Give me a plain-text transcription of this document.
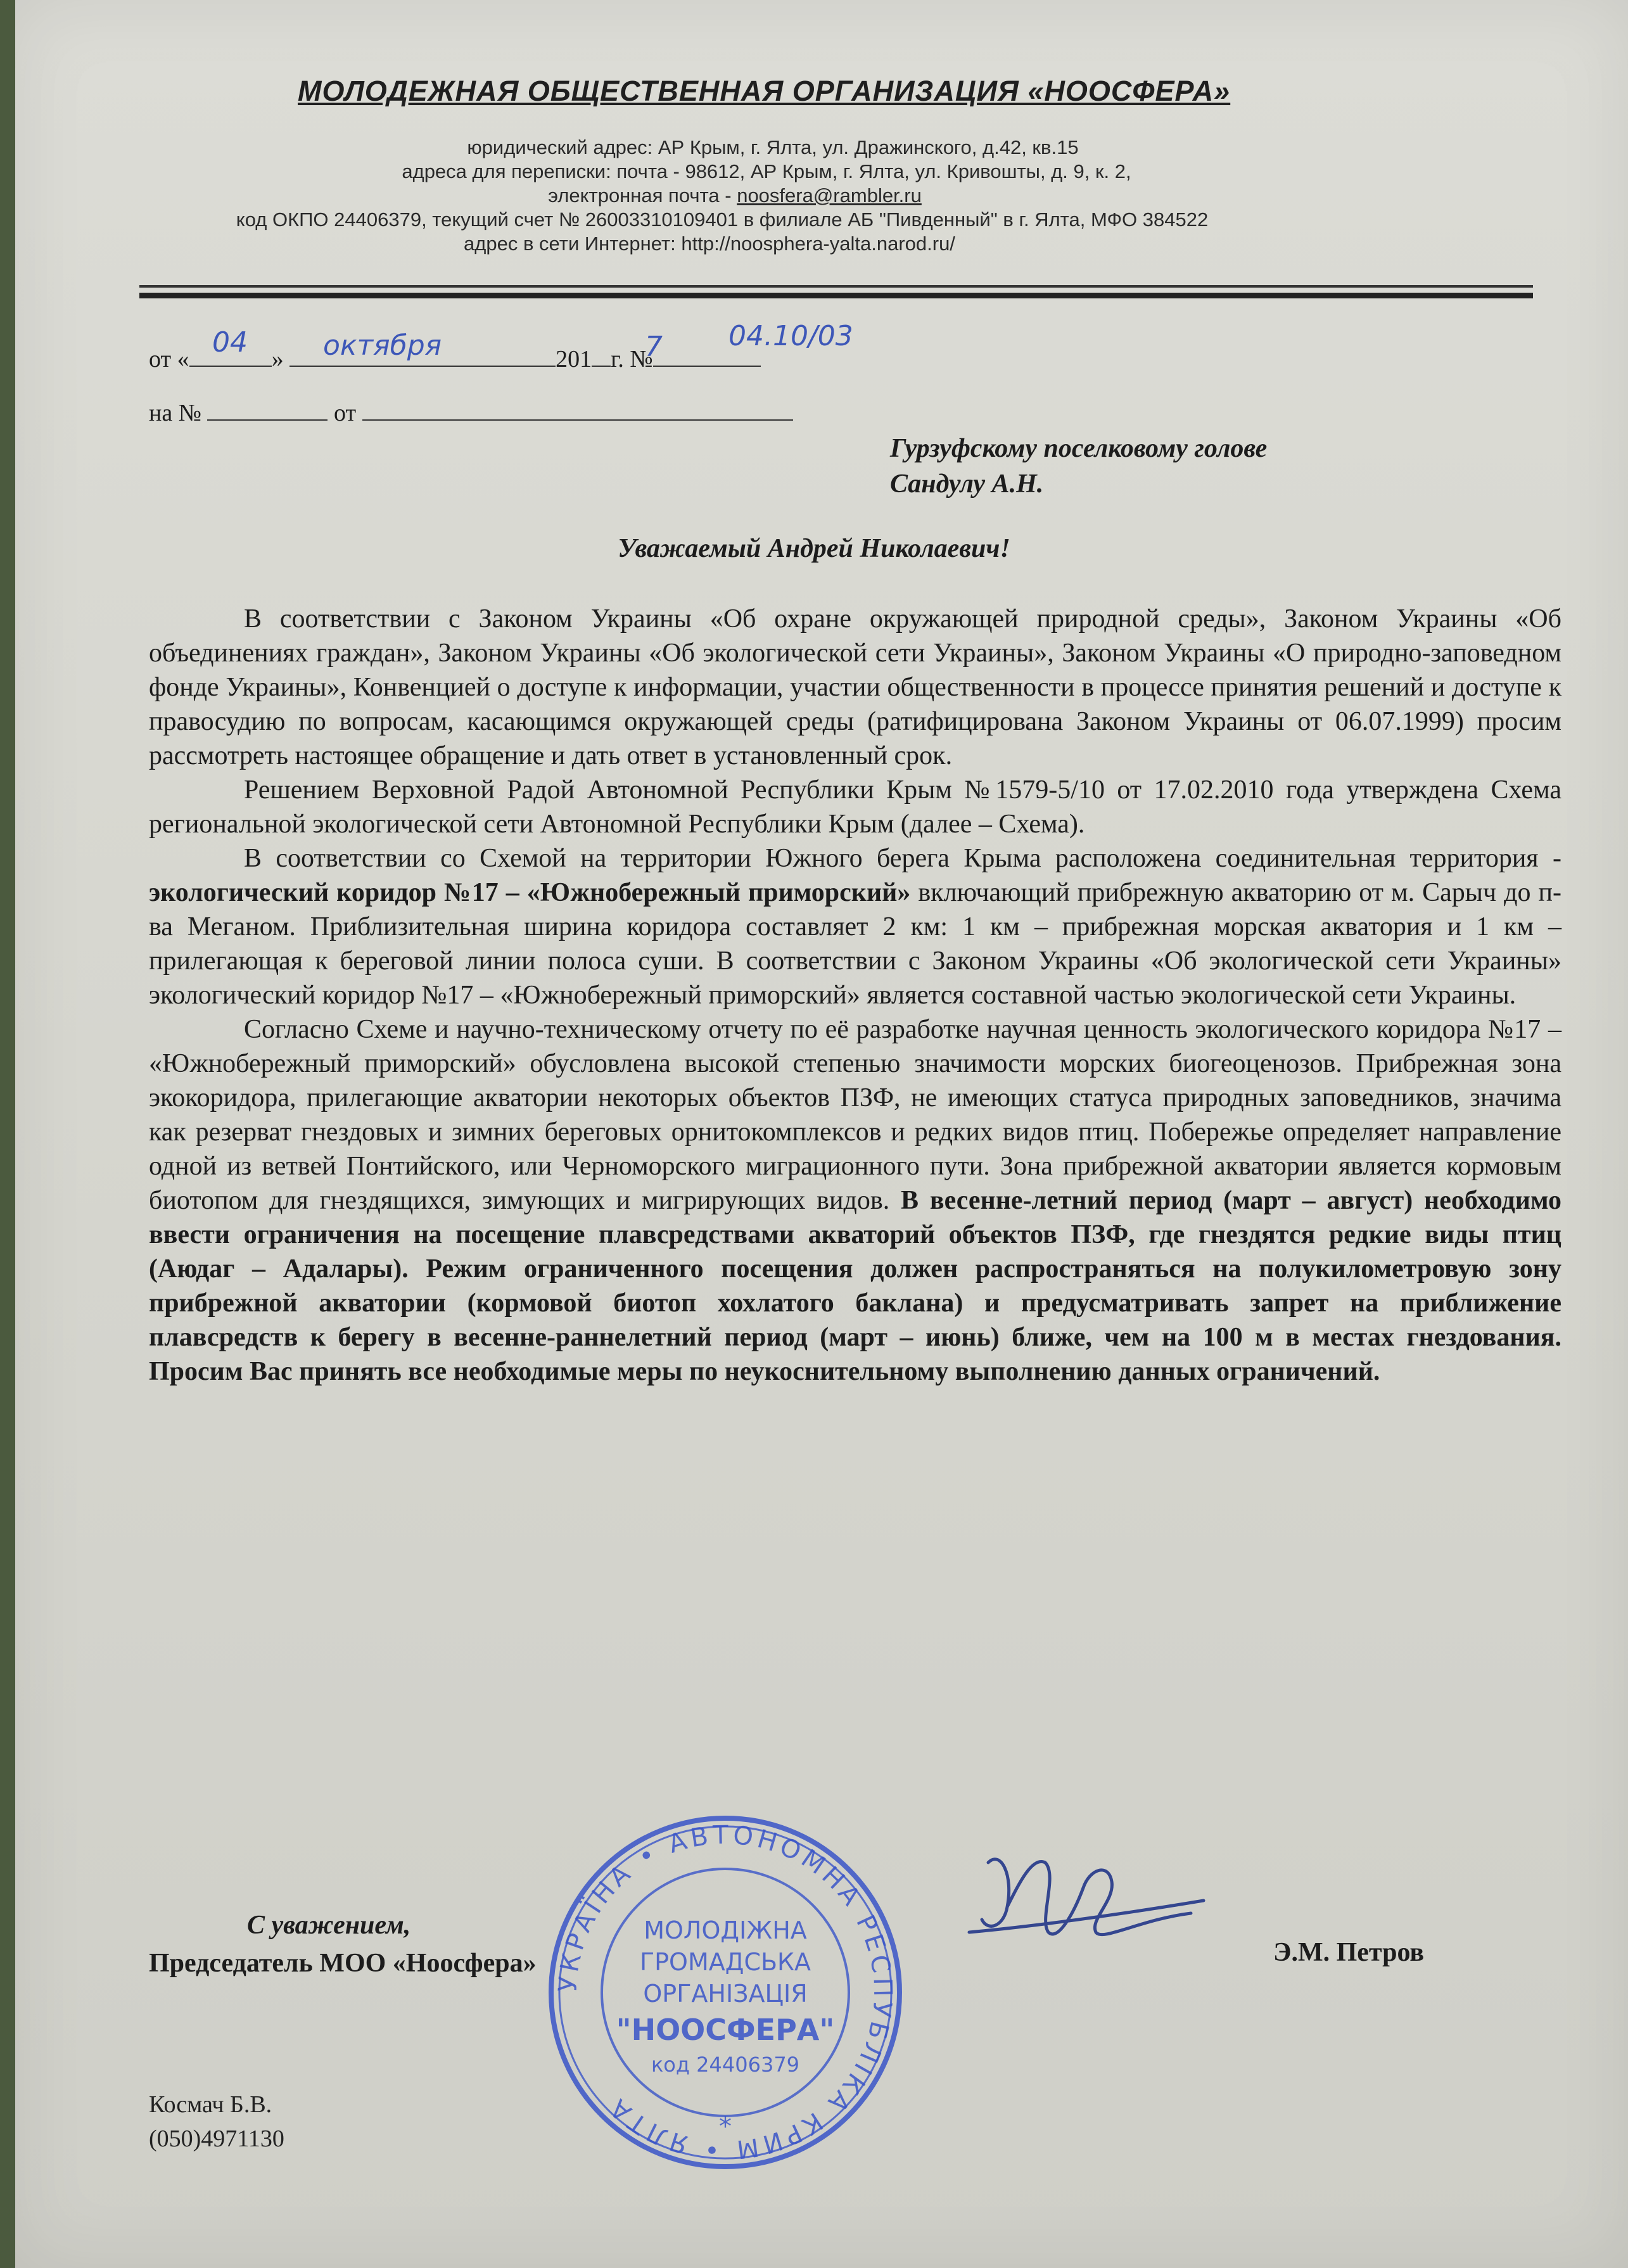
МОЛОДЕЖНАЯ ОБЩЕСТВЕННАЯ ОРГАНИЗАЦИЯ «НООСФЕРА»
юридический адрес: АР Крым, г. Ялта, ул. Дражинского, д.42, кв.15
адреса для переписки: почта - 98612, АР Крым, г. Ялта, ул. Кривошты, д. 9, к. 2,
электронная почта - noosfera@rambler.ru
код ОКПО 24406379, текущий счет № 26003310109401 в филиале АБ "Пивденный" в г. Ялта, МФО 384522
адрес в сети Интернет: http://noosphera-yalta.narod.ru/
от «	»	201 г. №
04	октября	7 04.10/03
на №	от
Гурзуфскому поселковому голове
Сандулу А.Н.
Уважаемый Андрей Николаевич!

В соответствии с Законом Украины «Об охране окружающей природной среды», Законом Украины «Об объединениях граждан», Законом Украины «Об экологической сети Украины», Законом Украины «О природно-заповедном фонде Украины», Конвенцией о доступе к информации, участии общественности в процессе принятия решений и доступе к правосудию по вопросам, касающимся окружающей среды (ратифицирована Законом Украины от 06.07.1999) просим рассмотреть настоящее обращение и дать ответ в установленный срок.

Решением Верховной Радой Автономной Республики Крым №1579-5/10 от 17.02.2010 года утверждена Схема региональной экологической сети Автономной Республики Крым (далее – Схема).

В соответствии со Схемой на территории Южного берега Крыма расположена соединительная территория - экологический коридор №17 – «Южнобережный приморский» включающий прибрежную акваторию от м. Сарыч до п-ва Меганом. Приблизительная ширина коридора составляет 2 км: 1 км – прибрежная морская акватория и 1 км – прилегающая к береговой линии полоса суши. В соответствии с Законом Украины «Об экологической сети Украины» экологический коридор №17 – «Южнобережный приморский» является составной частью экологической сети Украины.

Согласно Схеме и научно-техническому отчету по её разработке научная ценность экологического коридора №17 – «Южнобережный приморский» обусловлена высокой степенью значимости морских биогеоценозов. Прибрежная зона экокоридора, прилегающие акватории некоторых объектов ПЗФ, не имеющих статуса природных заповедников, значима как резерват гнездовых и зимних береговых орнитокомплексов и редких видов птиц. Побережье определяет направление одной из ветвей Понтийского, или Черноморского миграционного пути. Зона прибрежной акватории является кормовым биотопом для гнездящихся, зимующих и мигрирующих видов. В весенне-летний период (март – август) необходимо ввести ограничения на посещение плавсредствами акваторий объектов ПЗФ, где гнездятся редкие виды птиц (Аюдаг – Адалары). Режим ограниченного посещения должен распространяться на полукилометровую зону прибрежной акватории (кормовой биотоп хохлатого баклана) и предусматривать запрет на приближение плавсредств к берегу в весенне-раннелетний период (март – июнь) ближе, чем на 100 м в местах гнездования. Просим Вас принять все необходимые меры по неукоснительному выполнению данных ограничений.

С уважением,
Председатель МОО «Ноосфера»	Э.М. Петров
УКРАЇНА • АВТОНОМНА РЕСПУБЛІКА КРИМ • ЯЛТА
МОЛОДІЖНА
ГРОМАДСЬКА
ОРГАНІЗАЦІЯ
"НООСФЕРА"
код 24406379
*
Космач Б.В.
(050)4971130
